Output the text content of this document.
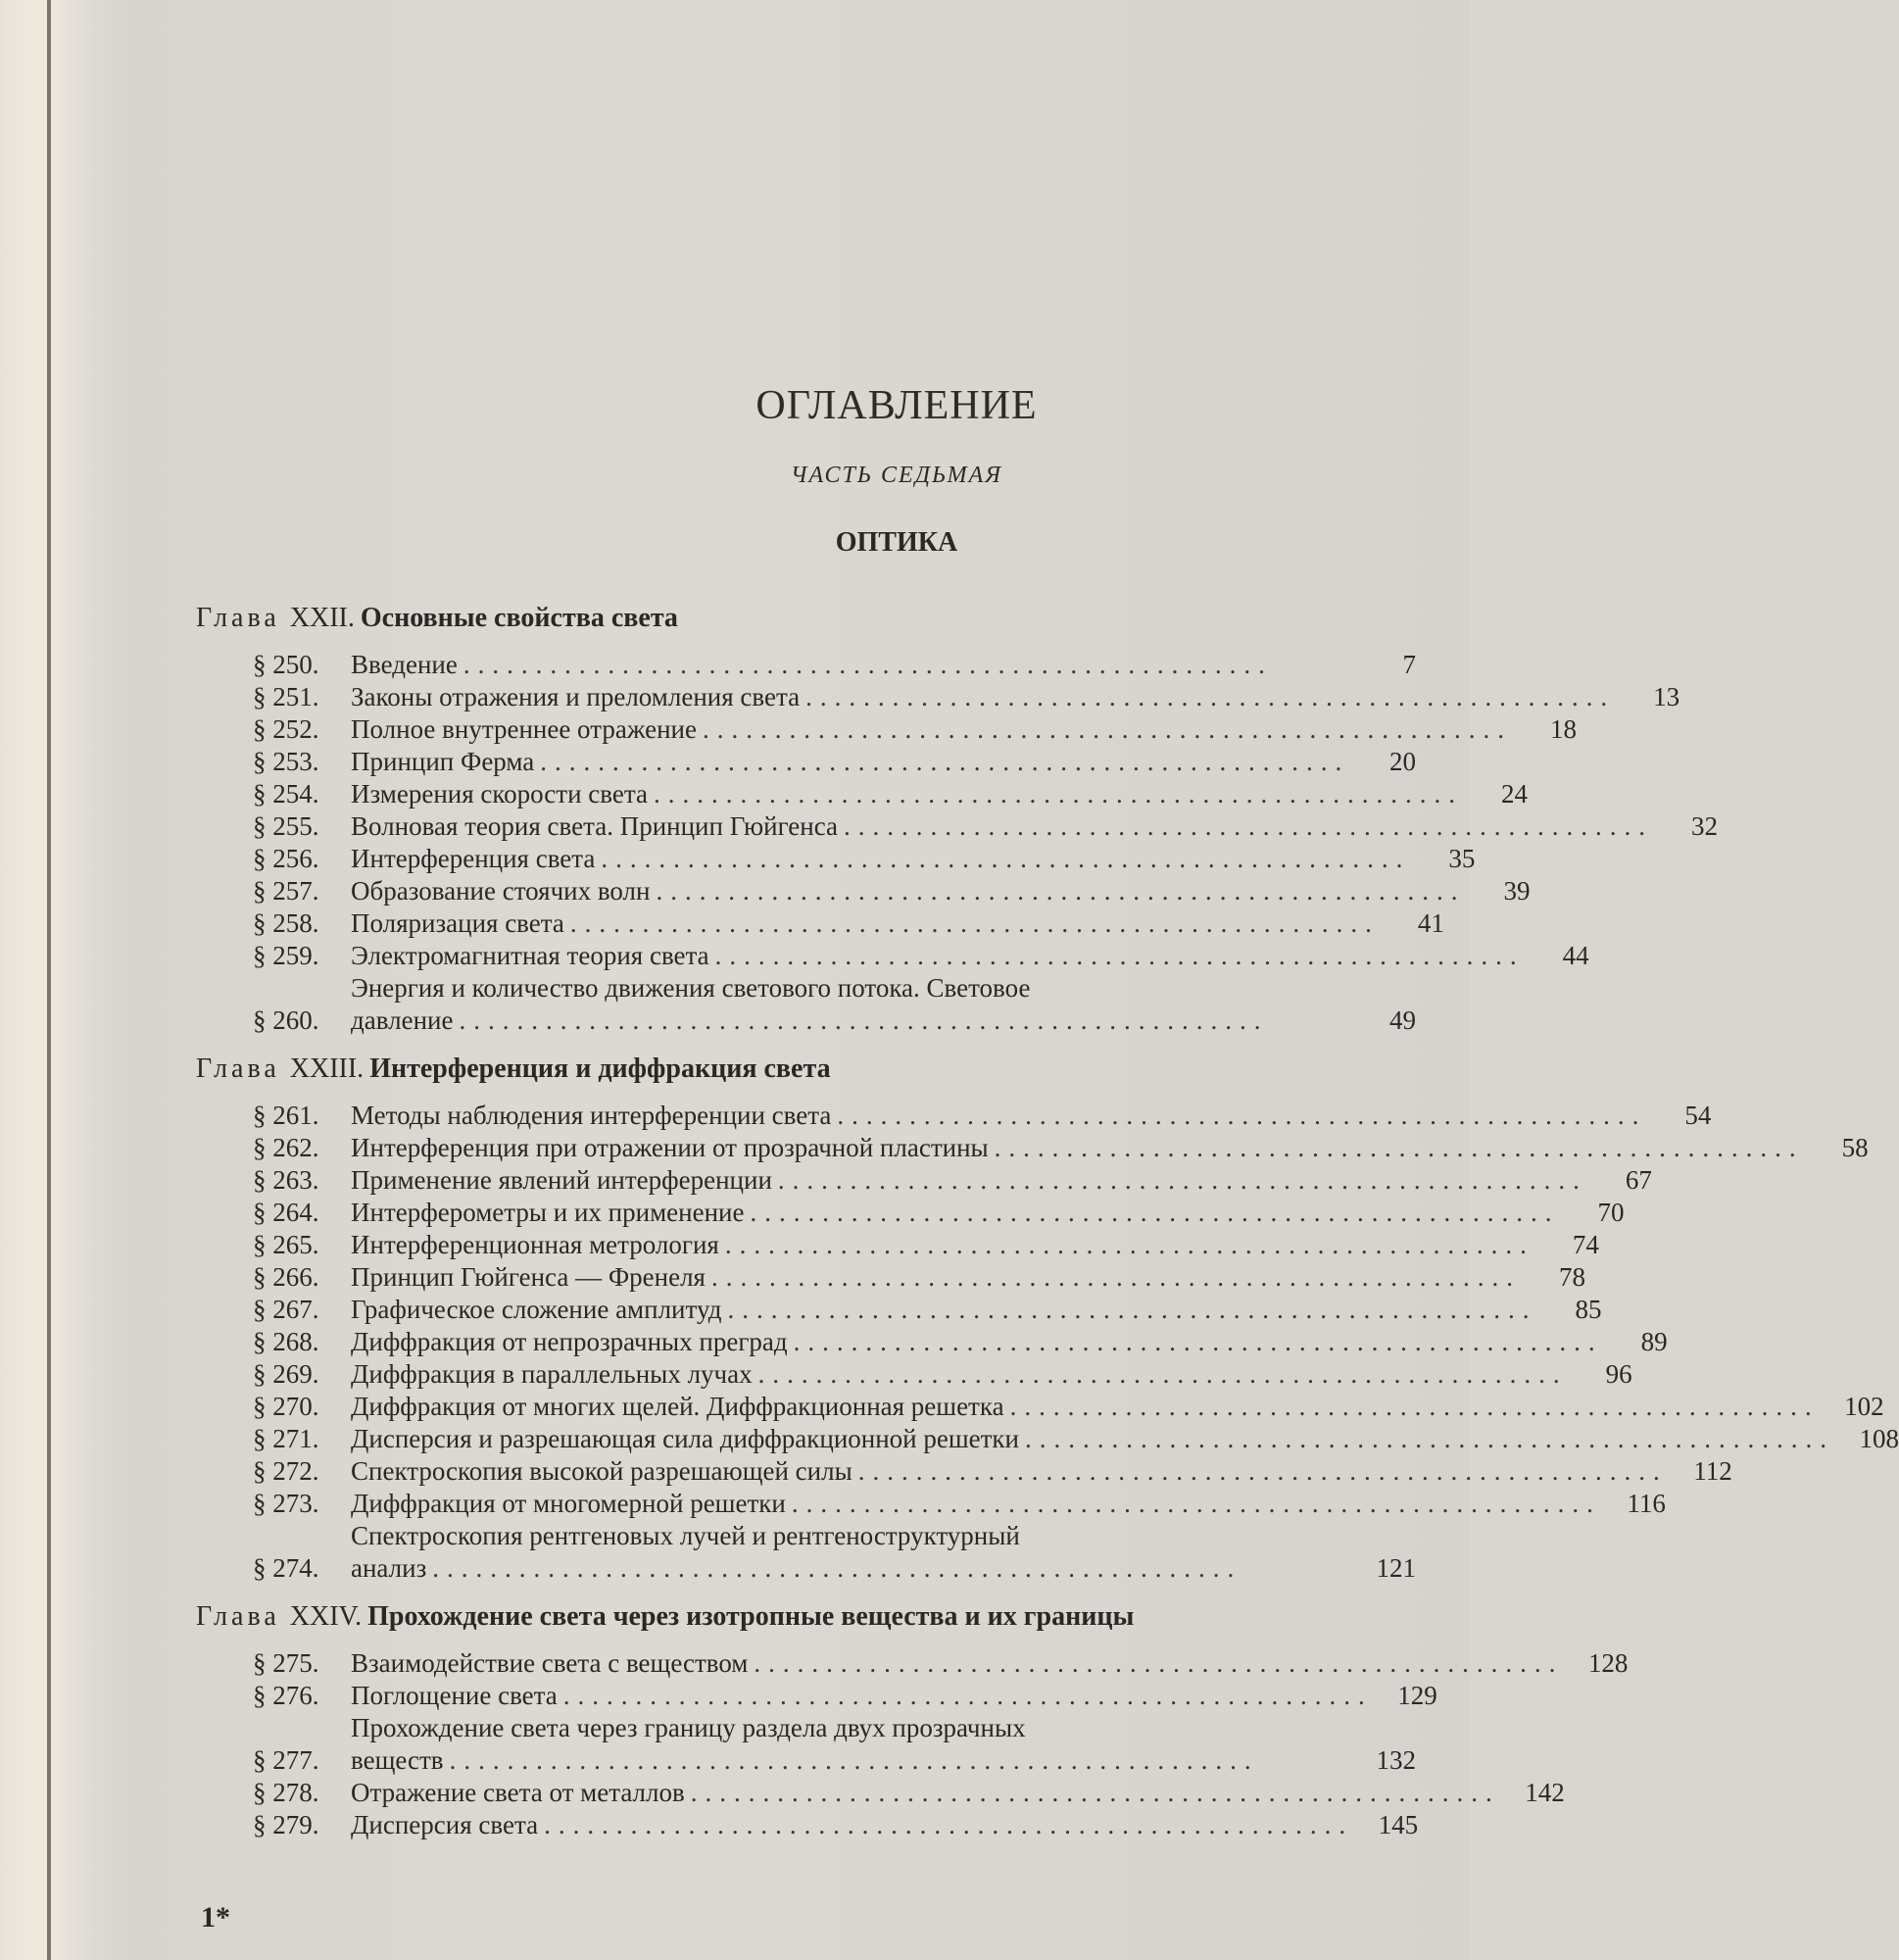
ОГЛАВЛЕНИЕ
ЧАСТЬ СЕДЬМАЯ
ОПТИКА
Глава XXII. Основные свойства света
§ 250.	Введение ........................................................	7
§ 251.	Законы отражения и преломления света ........................................................	13
§ 252.	Полное внутреннее отражение ........................................................	18
§ 253.	Принцип Ферма ........................................................	20
§ 254.	Измерения скорости света ........................................................	24
§ 255.	Волновая теория света. Принцип Гюйгенса ........................................................	32
§ 256.	Интерференция света ........................................................	35
§ 257.	Образование стоячих волн ........................................................	39
§ 258.	Поляризация света ........................................................	41
§ 259.	Электромагнитная теория света ........................................................	44
§ 260.
Энергия и количество движения светового потока. Световое
давление ........................................................	49
Глава XXIII. Интерференция и диффракция света
§ 261.	Методы наблюдения интерференции света ........................................................	54
§ 262.	Интерференция при отражении от прозрачной пластины ........................................................	58
§ 263.	Применение явлений интерференции ........................................................	67
§ 264.	Интерферометры и их применение ........................................................	70
§ 265.	Интерференционная метрология ........................................................	74
§ 266.	Принцип Гюйгенса — Френеля ........................................................	78
§ 267.	Графическое сложение амплитуд ........................................................	85
§ 268.	Диффракция от непрозрачных преград ........................................................	89
§ 269.	Диффракция в параллельных лучах ........................................................	96
§ 270.	Диффракция от многих щелей. Диффракционная решетка ........................................................ 102
§ 271.	Дисперсия и разрешающая сила диффракционной решетки ........................................................ 108
§ 272.	Спектроскопия высокой разрешающей силы ........................................................ 112
§ 273.	Диффракция от многомерной решетки ........................................................ 116
§ 274.
Спектроскопия рентгеновых лучей и рентгеноструктурный
анализ ........................................................	121
Глава XXIV. Прохождение света через изотропные вещества и их границы
§ 275.	Взаимодействие света с веществом ........................................................ 128
§ 276.	Поглощение света ........................................................ 129
§ 277.
Прохождение света через границу раздела двух прозрачных
веществ ........................................................	132
§ 278.	Отражение света от металлов ........................................................ 142
§ 279.	Дисперсия света ........................................................ 145
1*
